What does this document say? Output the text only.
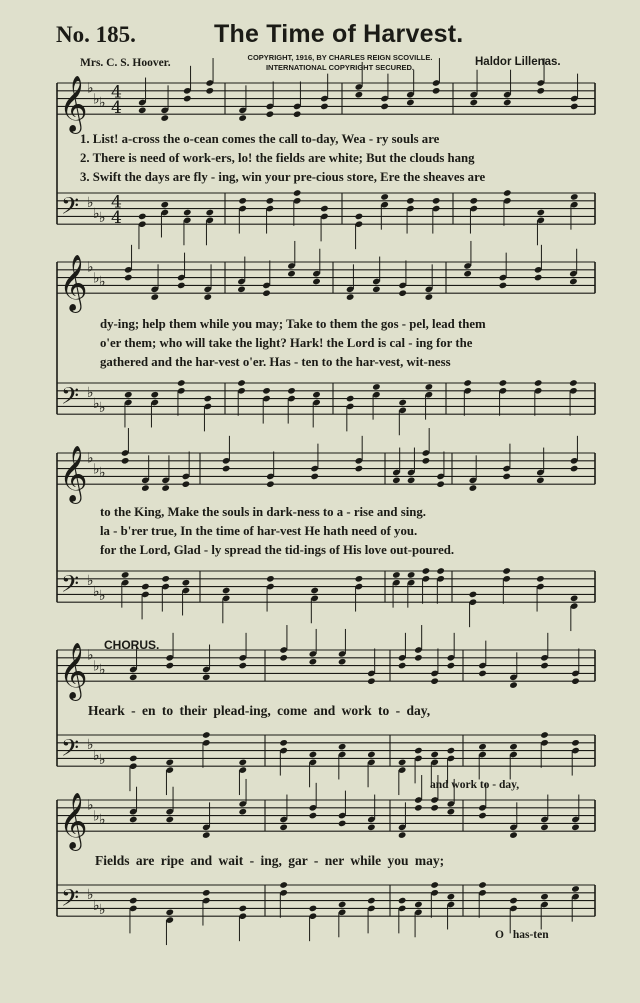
No. 185.	The Time of Harvest.
COPYRIGHT, 1916, BY CHARLES REIGN SCOVILLE.
INTERNATIONAL COPYRIGHT SECURED.
Mrs. C. S. Hoover.	Haldor Lillenas.
𝄞
𝄢
♭
♭
♭
♭
♭
♭
4
4
4
4
𝄞
𝄢
♭
♭
♭
♭
♭
♭
𝄞
𝄢
♭
♭
♭
♭
♭
♭
𝄞
𝄢
♭
♭
♭
♭
♭
♭
𝄞
𝄢
♭
♭
♭
♭
♭
♭
1. List! a-cross the o-cean comes the call to-day, Wea - ry souls are
2. There is need of work-ers, lo! the fields are white; But the clouds hang
3. Swift the days are fly - ing, win your pre-cious store, Ere the sheaves are
dy-ing; help them while you may; Take to them the gos - pel, lead them
o'er them; who will take the light? Hark! the Lord is cal - ing for the
gathered and the har-vest o'er. Has - ten to the har-vest, wit-ness
to the King, Make the souls in dark-ness to a - rise and sing.
la - b'rer true, In the time of har-vest He hath need of you.
for the Lord, Glad - ly spread the tid-ings of His love out-poured.
CHORUS.
Heark - en to their plead-ing, come and work to - day,
and work to - day,
Fields are ripe and wait - ing, gar - ner while you may;
O has-ten
